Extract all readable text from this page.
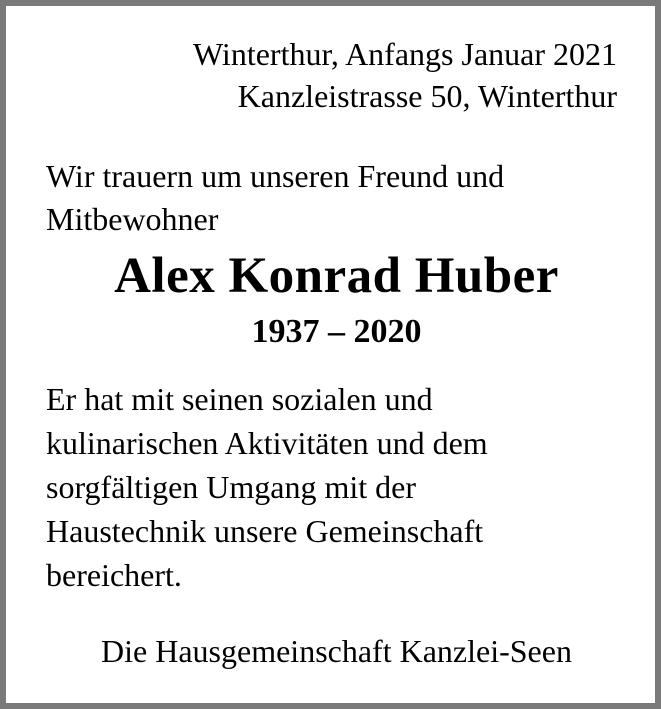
Winterthur, Anfangs Januar 2021
Kanzleistrasse 50, Winterthur
Wir trauern um unseren Freund und
Mitbewohner
Alex Konrad Huber
1937 – 2020
Er hat mit seinen sozialen und
kulinarischen Aktivitäten und dem
sorgfältigen Umgang mit der
Haustechnik unsere Gemeinschaft
bereichert.
Die Hausgemeinschaft Kanzlei-Seen
